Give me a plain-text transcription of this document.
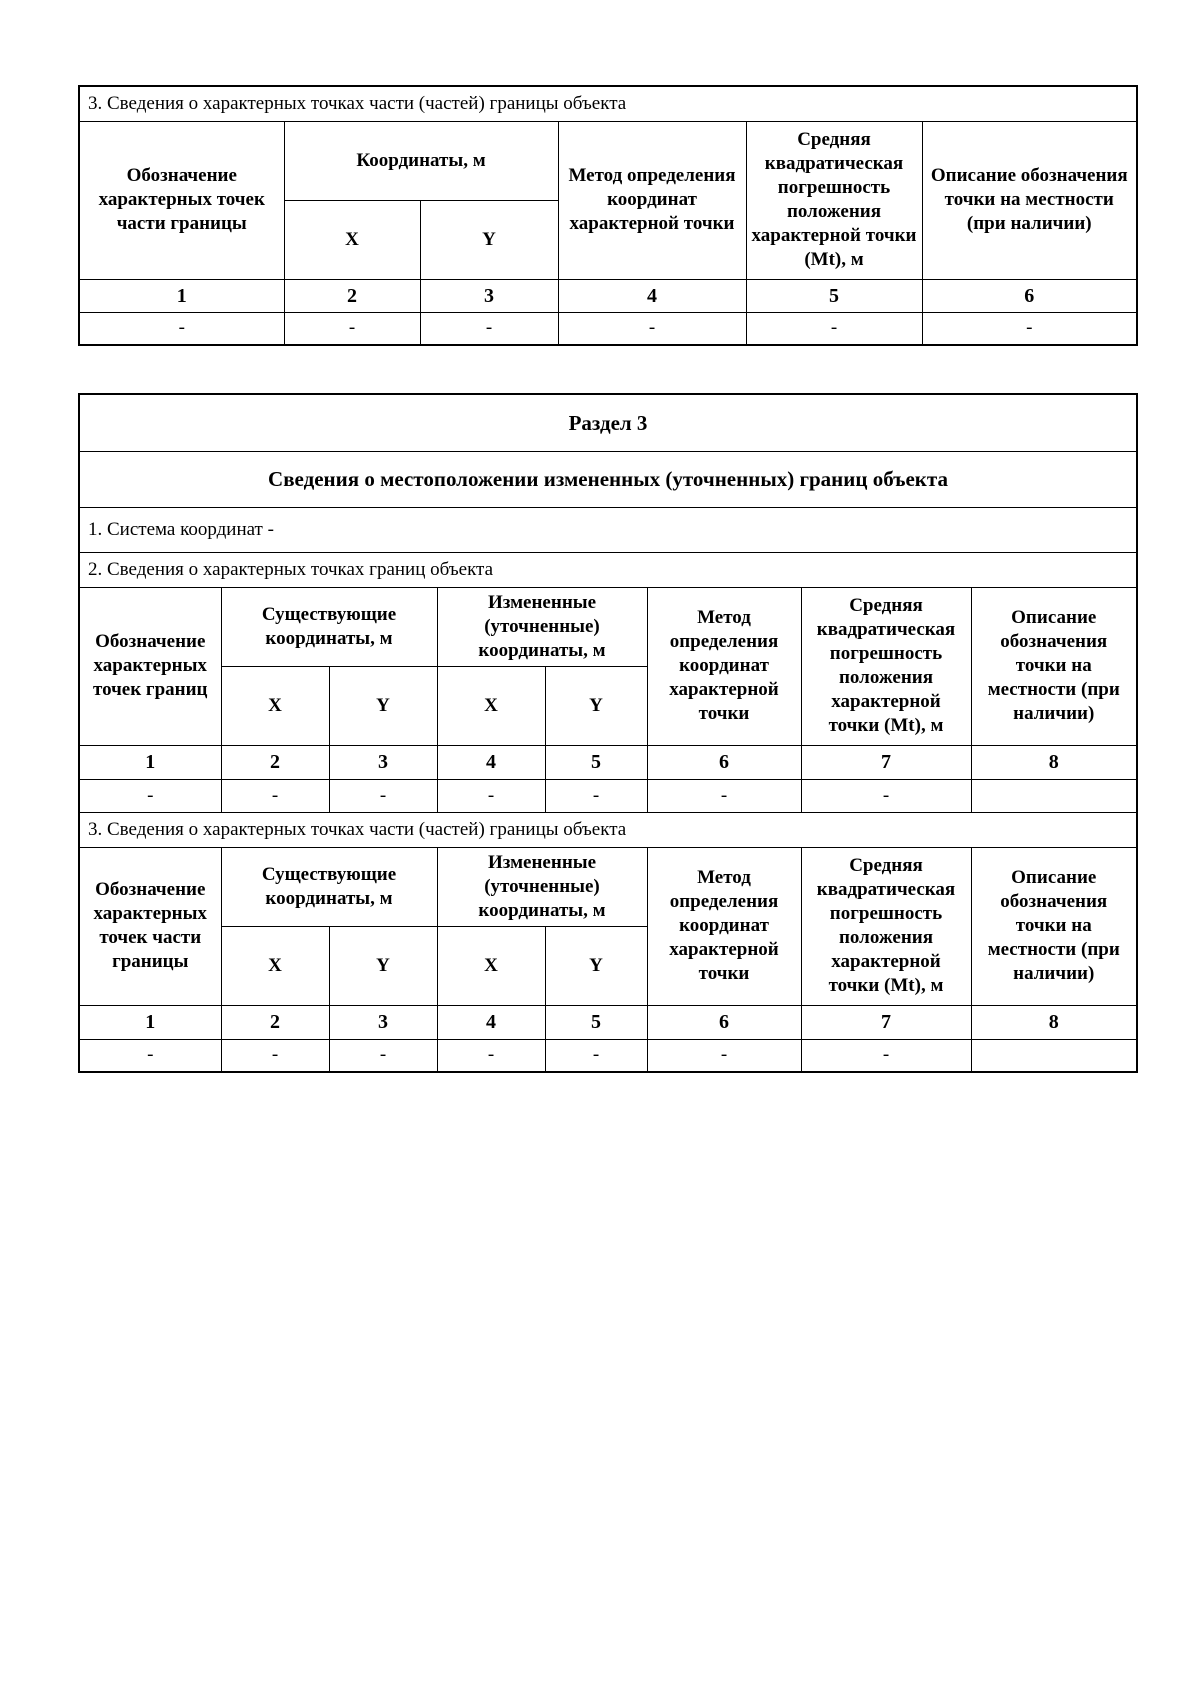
3. Сведения о характерных точках части (частей) границы объекта					
Обозначение характерных точек части границы	Координаты, м		Метод определения координат характерной точки	Средняя квадратическая погрешность положения характерной точки (Mt), м	Описание обозначения точки на местности (при наличии)
	X	Y			
1	2	3	4	5	6
-	-	-	-	-	-
Раздел 3							
Сведения о местоположении измененных (уточненных) границ объекта							
1. Система координат -							
2. Сведения о характерных точках границ объекта							
Обозначение характерных точек границ	Существующие координаты, м		Измененные (уточненные) координаты, м		Метод определения координат характерной точки	Средняя квадратическая погрешность положения характерной точки (Mt), м	Описание обозначения точки на местности (при наличии)
	X	Y	X	Y			
1	2	3	4	5	6	7	8
-	-	-	-	-	-	-	
3. Сведения о характерных точках части (частей) границы объекта							
Обозначение характерных точек части границы	Существующие координаты, м		Измененные (уточненные) координаты, м		Метод определения координат характерной точки	Средняя квадратическая погрешность положения характерной точки (Mt), м	Описание обозначения точки на местности (при наличии)
	X	Y	X	Y			
1	2	3	4	5	6	7	8
-	-	-	-	-	-	-	
